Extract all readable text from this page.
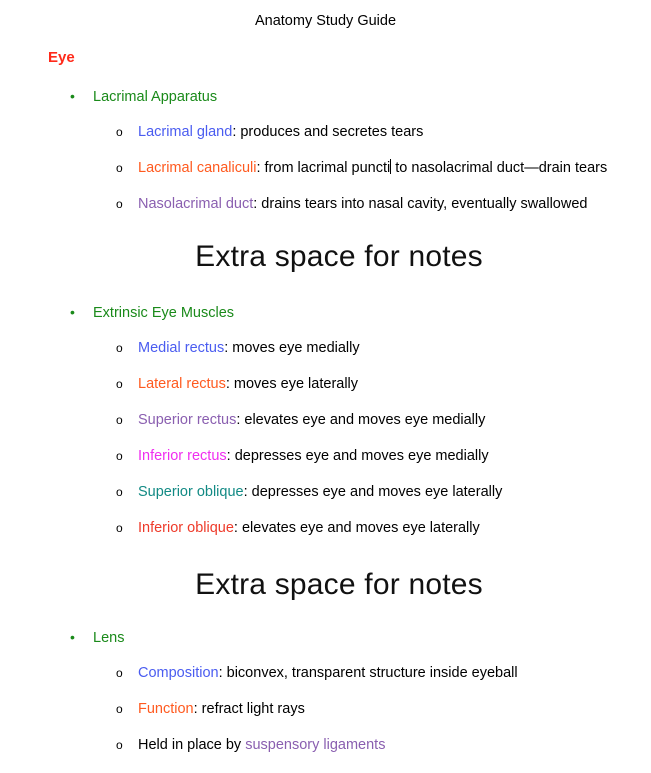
Anatomy Study Guide
Eye
• Lacrimal Apparatus
o Lacrimal gland: produces and secretes tears
o Lacrimal canaliculi: from lacrimal puncti to nasolacrimal duct—drain tears
o Nasolacrimal duct: drains tears into nasal cavity, eventually swallowed
Extra space for notes
• Extrinsic Eye Muscles
o Medial rectus: moves eye medially
o Lateral rectus: moves eye laterally
o Superior rectus: elevates eye and moves eye medially
o Inferior rectus: depresses eye and moves eye medially
o Superior oblique: depresses eye and moves eye laterally
o Inferior oblique: elevates eye and moves eye laterally
Extra space for notes
• Lens
o Composition: biconvex, transparent structure inside eyeball
o Function: refract light rays
o Held in place by suspensory ligaments
